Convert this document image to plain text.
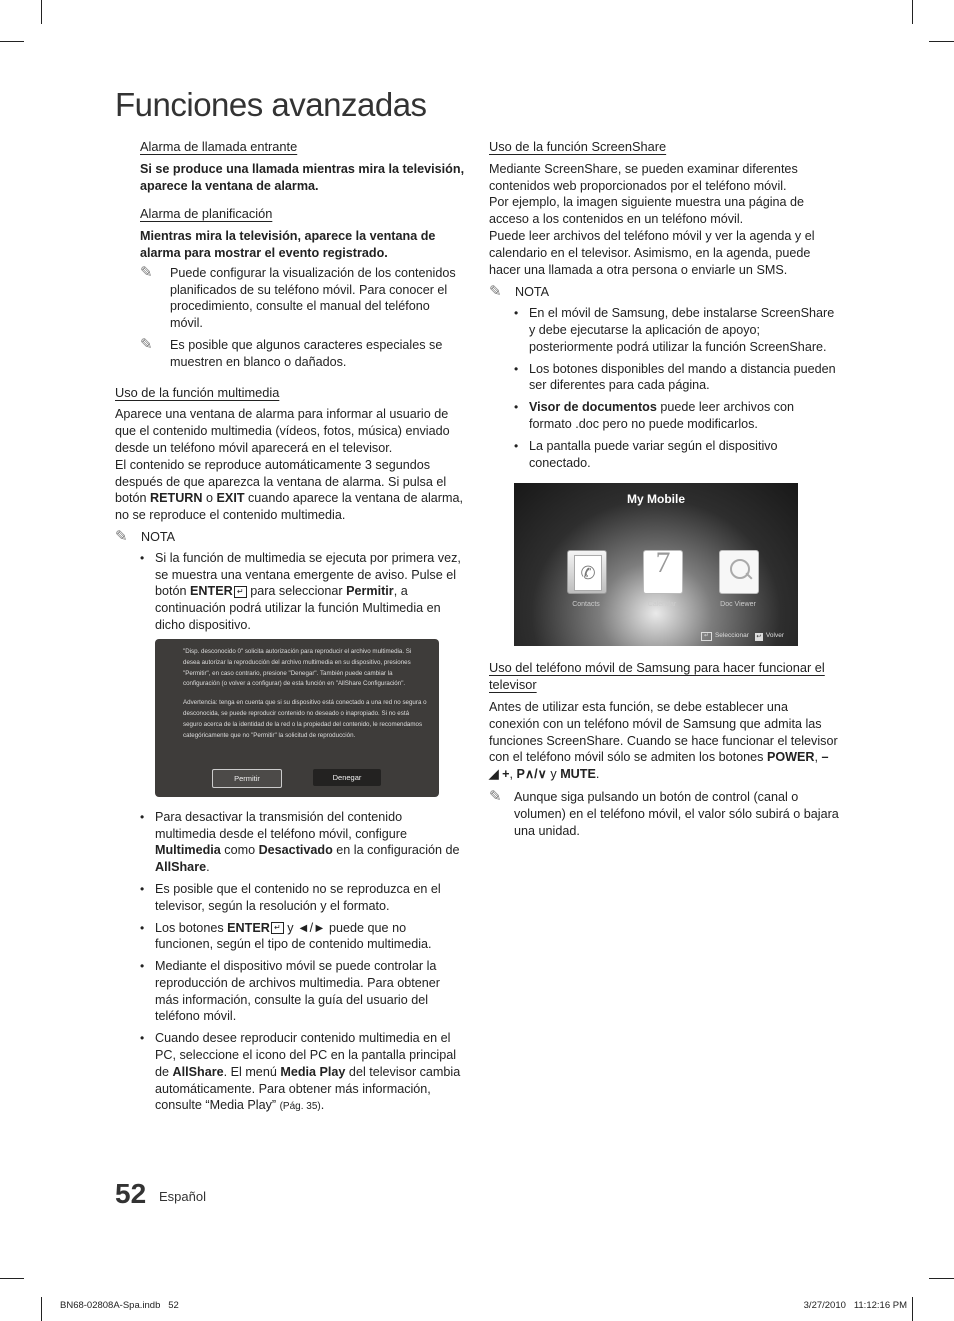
Funciones avanzadas

Alarma de llamada entrante

Si se produce una llamada mientras mira la televisión, aparece la ventana de alarma.

Alarma de planificación

Mientras mira la televisión, aparece la ventana de alarma para mostrar el evento registrado.

✎	Puede configurar la visualización de los contenidos planificados de su teléfono móvil. Para conocer el procedimiento, consulte el manual del teléfono móvil.
✎	Es posible que algunos caracteres especiales se muestren en blanco o dañados.

Uso de la función multimedia

Aparece una ventana de alarma para informar al usuario de que el contenido multimedia (vídeos, fotos, música) enviado desde un teléfono móvil aparecerá en el televisor.

El contenido se reproduce automáticamente 3 segundos después de que aparezca la ventana de alarma. Si pulsa el botón RETURN o EXIT cuando aparece la ventana de alarma, no se reproduce el contenido multimedia.

✎	NOTA
• Si la función de multimedia se ejecuta por primera vez, se muestra una ventana emergente de aviso. Pulse el botón ENTER ↵ para seleccionar Permitir, a continuación podrá utilizar la función Multimedia en dicho dispositivo.
"Disp. desconocido 0" solicita autorización para reproducir el archivo multimedia. Si desea autorizar la reproducción del archivo multimedia en su dispositivo, presiones "Permitir", en caso contrario, presione "Denegar". También puede cambiar la configuración (o volver a configurar) de esta función en "AllShare Configuración".
Advertencia: tenga en cuenta que si su dispositivo está conectado a una red no segura o desconocida, se puede reproducir contenido no deseado o inapropiado. Si no está seguro acerca de la identidad de la red o la propiedad del contenido, le recomendamos categóricamente que no "Permitir" la solicitud de reproducción.
Permitir	Denegar
• Para desactivar la transmisión del contenido multimedia desde el teléfono móvil, configure Multimedia como Desactivado en la configuración de AllShare.
• Es posible que el contenido no se reproduzca en el televisor, según la resolución y el formato.
• Los botones ENTER ↵ y ◄/► puede que no funcionen, según el tipo de contenido multimedia.
• Mediante el dispositivo móvil se puede controlar la reproducción de archivos multimedia. Para obtener más información, consulte la guía del usuario del teléfono móvil.
• Cuando desee reproducir contenido multimedia en el PC, seleccione el icono del PC en la pantalla principal de AllShare. El menú Media Play del televisor cambia automáticamente. Para obtener más información, consulte “Media Play” (Pág. 35).

Uso de la función ScreenShare

Mediante ScreenShare, se pueden examinar diferentes contenidos web proporcionados por el teléfono móvil.

Por ejemplo, la imagen siguiente muestra una página de acceso a los contenidos en un teléfono móvil.

Puede leer archivos del teléfono móvil y ver la agenda y el calendario en el televisor. Asimismo, en la agenda, puede hacer una llamada a otra persona o enviarle un SMS.

✎	NOTA
• En el móvil de Samsung, debe instalarse ScreenShare y debe ejecutarse la aplicación de apoyo; posteriormente podrá utilizar la función ScreenShare.
• Los botones disponibles del mando a distancia pueden ser diferentes para cada página.
• Visor de documentos puede leer archivos con formato .doc pero no puede modificarlos.
• La pantalla puede variar según el dispositivo conectado.
My Mobile
✆
Contacts
7
Calendar	Doc Viewer
↵ Seleccionar ↩ Volver

Uso del teléfono móvil de Samsung para hacer funcionar el televisor

Antes de utilizar esta función, se debe establecer una conexión con un teléfono móvil de Samsung que admita las funciones ScreenShare. Cuando se hace funcionar el televisor con el teléfono móvil sólo se admiten los botones POWER, – ◢ +, P∧/∨ y MUTE.

✎ Aunque siga pulsando un botón de control (canal o volumen) en el teléfono móvil, el valor sólo subirá o bajara una unidad.
52 Español
BN68-02808A-Spa.indb   52	3/27/2010   11:12:16 PM
